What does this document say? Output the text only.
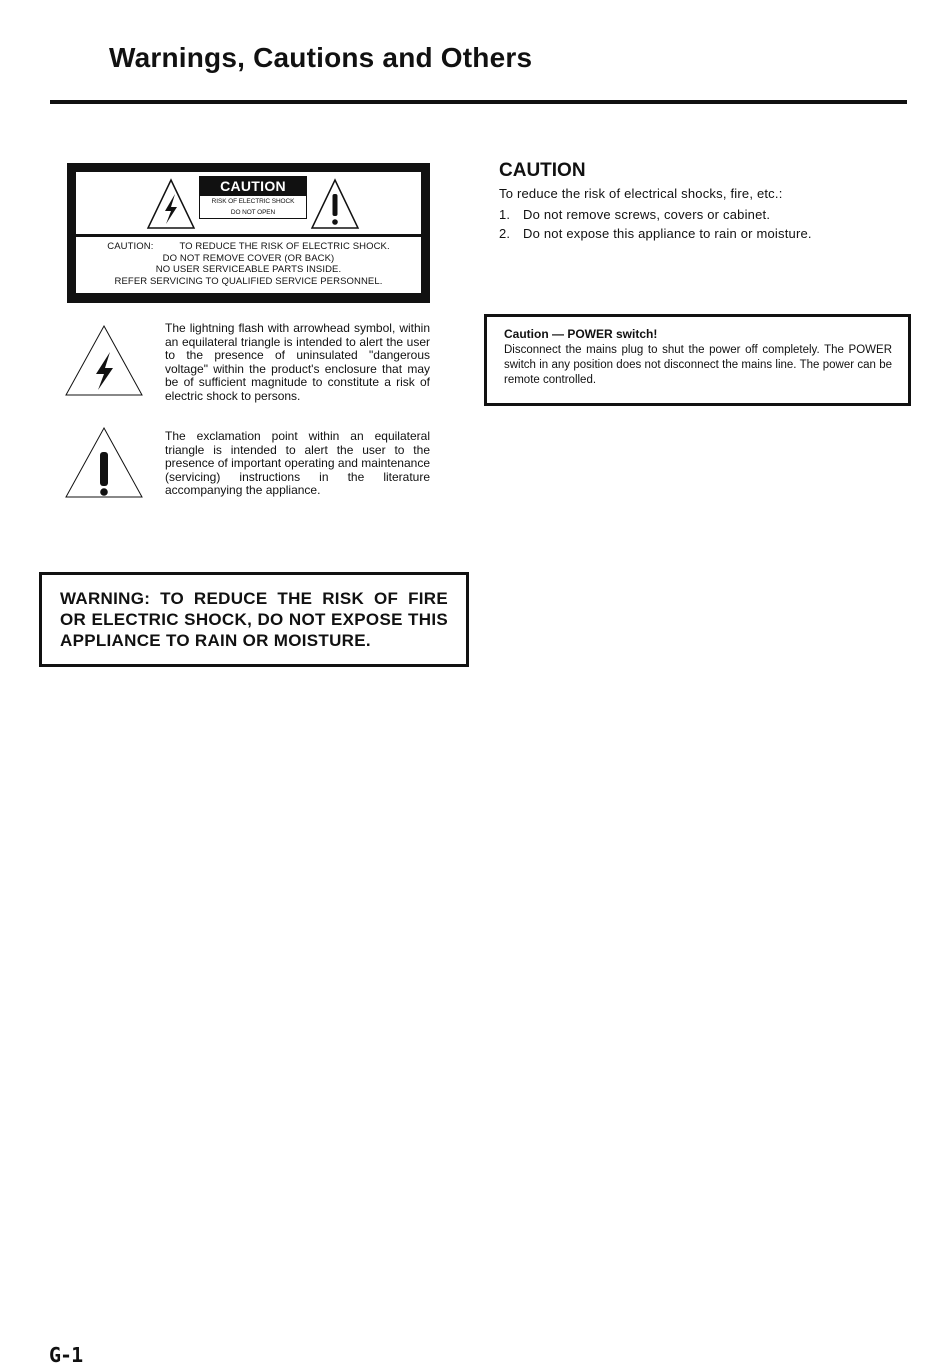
Warnings, Cautions and Others
CAUTION
RISK OF ELECTRIC SHOCK
DO NOT OPEN
CAUTION:	TO REDUCE THE RISK OF ELECTRIC SHOCK.
DO NOT REMOVE COVER (OR BACK)
NO USER SERVICEABLE PARTS INSIDE.
REFER SERVICING TO QUALIFIED SERVICE PERSONNEL.

The lightning flash with arrowhead symbol, within an equilateral triangle is intended to alert the user to the presence of uninsulated "dangerous voltage" within the product's enclosure that may be of sufficient magnitude to constitute a risk of electric shock to persons.

The exclamation point within an equilateral triangle is intended to alert the user to the presence of important operating and maintenance (servicing) instructions in the literature accompanying the appliance.

WARNING: TO REDUCE THE RISK OF FIRE OR ELECTRIC SHOCK, DO NOT EXPOSE THIS APPLIANCE TO RAIN OR MOISTURE.

CAUTION

To reduce the risk of electrical shocks, fire, etc.:

1. Do not remove screws, covers or cabinet.
2. Do not expose this appliance to rain or moisture.

Caution — POWER switch!

Disconnect the mains plug to shut the power off completely. The POWER switch in any position does not disconnect the mains line. The power can be remote controlled.

G-1
